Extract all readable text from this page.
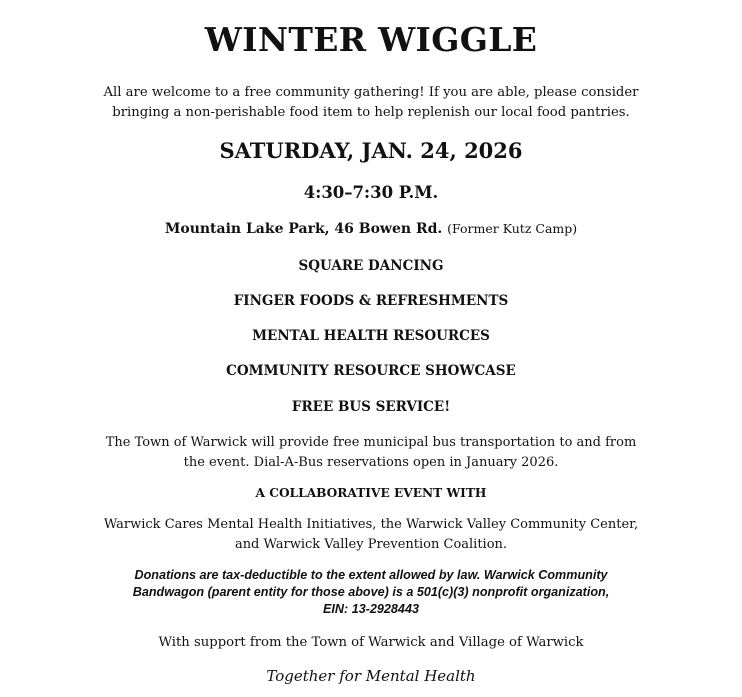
WINTER WIGGLE
All are welcome to a free community gathering! If you are able, please consider
bringing a non-perishable food item to help replenish our local food pantries.
SATURDAY, JAN. 24, 2026
4:30–7:30 P.M.
Mountain Lake Park, 46 Bowen Rd. (Former Kutz Camp)
SQUARE DANCING
FINGER FOODS & REFRESHMENTS
MENTAL HEALTH RESOURCES
COMMUNITY RESOURCE SHOWCASE
FREE BUS SERVICE!
The Town of Warwick will provide free municipal bus transportation to and from
the event. Dial-A-Bus reservations open in January 2026.
A COLLABORATIVE EVENT WITH
Warwick Cares Mental Health Initiatives, the Warwick Valley Community Center,
and Warwick Valley Prevention Coalition.
Donations are tax-deductible to the extent allowed by law. Warwick Community
Bandwagon (parent entity for those above) is a 501(c)(3) nonprofit organization,
EIN: 13-2928443
With support from the Town of Warwick and Village of Warwick
Together for Mental Health
